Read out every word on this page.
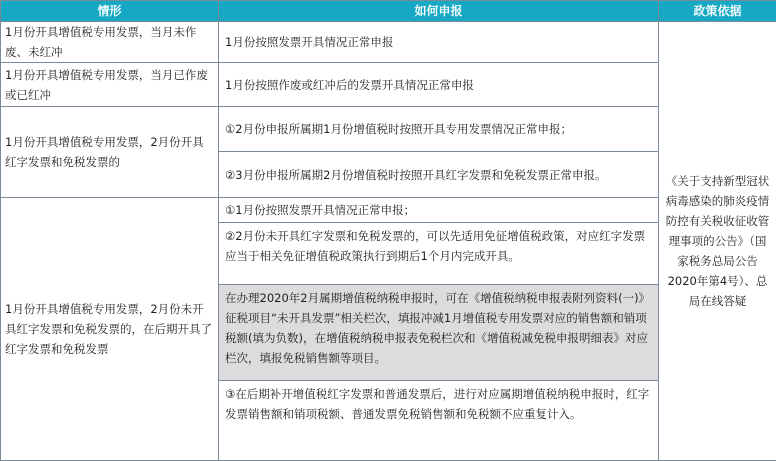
情形	如何申报	政策依据
1月份开具增值税专用发票，当月未作废、未红冲	1月份按照发票开具情况正常申报	《关于支持新型冠状病毒感染的肺炎疫情防控有关税收征收管理事项的公告》（国家税务总局公告2020年第4号）、总局在线答疑
1月份开具增值税专用发票，当月已作废或已红冲	1月份按照作废或红冲后的发票开具情况正常申报	
1月份开具增值税专用发票，2月份开具红字发票和免税发票的	①2月份申报所属期1月份增值税时按照开具专用发票情况正常申报；
②3月份申报所属期2月份增值税时按照开具红字发票和免税发票正常申报。	

1月份开具增值税专用发票，2月份未开具红字发票和免税发票的，在后期开具了红字发票和免税发票	①1月份按照发票开具情况正常申报；
②2月份未开具红字发票和免税发票的，可以先适用免征增值税政策，对应红字发票应当于相关免征增值税政策执行到期后1个月内完成开具。
在办理2020年2月属期增值税纳税申报时，可在《增值税纳税申报表附列资料(一)》征税项目“未开具发票”相关栏次，填报冲减1月增值税专用发票对应的销售额和销项税额(填为负数)，在增值税纳税申报表免税栏次和《增值税减免税申报明细表》对应栏次，填报免税销售额等项目。
③在后期补开增值税红字发票和普通发票后，进行对应属期增值税纳税申报时，红字发票销售额和销项税额、普通发票免税销售额和免税额不应重复计入。	
